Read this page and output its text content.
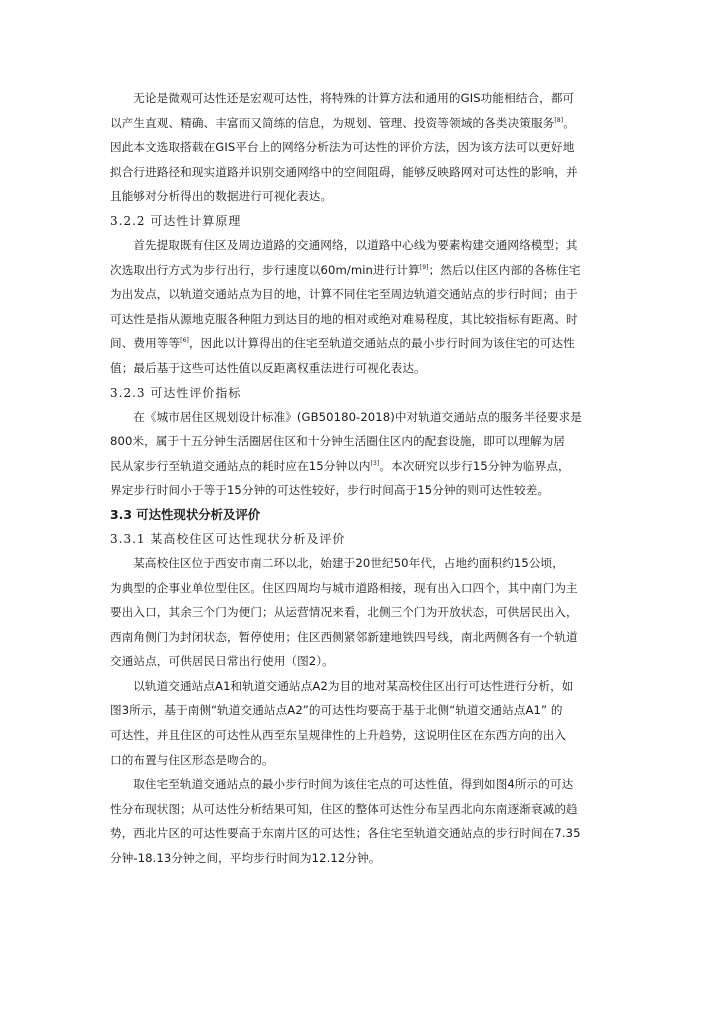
无论是微观可达性还是宏观可达性，将特殊的计算方法和通用的GIS功能相结合，都可
以产生直观、精确、丰富而又简练的信息，为规划、管理、投资等领域的各类决策服务[8]。
因此本文选取搭载在GIS平台上的网络分析法为可达性的评价方法，因为该方法可以更好地
拟合行进路径和现实道路并识别交通网络中的空间阻碍，能够反映路网对可达性的影响，并
且能够对分析得出的数据进行可视化表达。
3.2.2 可达性计算原理
首先提取既有住区及周边道路的交通网络，以道路中心线为要素构建交通网络模型；其
次选取出行方式为步行出行，步行速度以60m/min进行计算[9]；然后以住区内部的各栋住宅
为出发点，以轨道交通站点为目的地，计算不同住宅至周边轨道交通站点的步行时间；由于
可达性是指从源地克服各种阻力到达目的地的相对或绝对难易程度，其比较指标有距离、时
间、费用等等[6]，因此以计算得出的住宅至轨道交通站点的最小步行时间为该住宅的可达性
值；最后基于这些可达性值以反距离权重法进行可视化表达。
3.2.3 可达性评价指标
在《城市居住区规划设计标准》(GB50180-2018)中对轨道交通站点的服务半径要求是
800米，属于十五分钟生活圈居住区和十分钟生活圈住区内的配套设施，即可以理解为居
民从家步行至轨道交通站点的耗时应在15分钟以内[3]。本次研究以步行15分钟为临界点，
界定步行时间小于等于15分钟的可达性较好，步行时间高于15分钟的则可达性较差。
3.3 可达性现状分析及评价
3.3.1 某高校住区可达性现状分析及评价
某高校住区位于西安市南二环以北，始建于20世纪50年代，占地约面积约15公顷，
为典型的企事业单位型住区。住区四周均与城市道路相接，现有出入口四个，其中南门为主
要出入口，其余三个门为便门；从运营情况来看，北侧三个门为开放状态，可供居民出入，
西南角侧门为封闭状态，暂停使用；住区西侧紧邻新建地铁四号线，南北两侧各有一个轨道
交通站点，可供居民日常出行使用（图2）。
以轨道交通站点A1和轨道交通站点A2为目的地对某高校住区出行可达性进行分析，如
图3所示，基于南侧“轨道交通站点A2”的可达性均要高于基于北侧“轨道交通站点A1” 的
可达性，并且住区的可达性从西至东呈规律性的上升趋势，这说明住区在东西方向的出入
口的布置与住区形态是吻合的。
取住宅至轨道交通站点的最小步行时间为该住宅点的可达性值，得到如图4所示的可达
性分布现状图；从可达性分析结果可知，住区的整体可达性分布呈西北向东南逐渐衰减的趋
势，西北片区的可达性要高于东南片区的可达性；各住宅至轨道交通站点的步行时间在7.35
分钟-18.13分钟之间，平均步行时间为12.12分钟。
